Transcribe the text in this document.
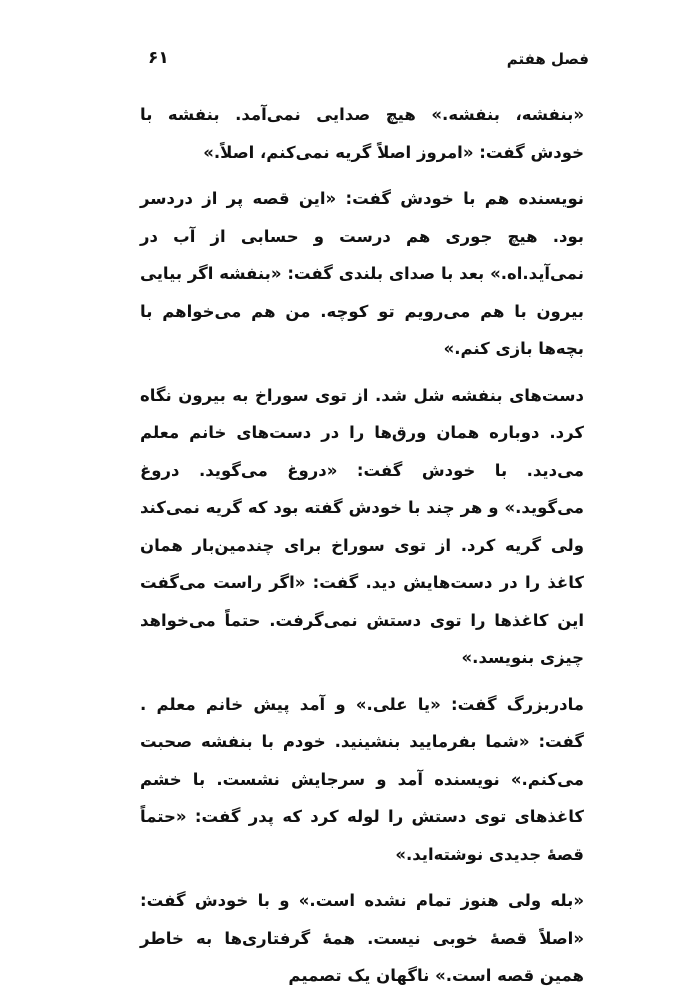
فصل هفتم
۶۱

«بنفشه، بنفشه.» هیچ صدایی نمی‌آمد. بنفشه با خودش گفت: «امروز اصلاً گریه نمی‌کنم، اصلاً.»

نویسنده هم با خودش گفت: «این قصه پر از دردسر بود. هیچ جوری هم درست و حسابی از آب در نمی‌آید.اه.» بعد با صدای بلندی گفت: «بنفشه اگر بیایی بیرون با هم می‌رویم تو کوچه. من هم می‌خواهم با بچه‌ها بازی کنم.»

دست‌های بنفشه شل شد. از توی سوراخ به بیرون نگاه کرد. دوباره همان ورق‌ها را در دست‌های خانم معلم می‌دید. با خودش گفت: «دروغ می‌گوید. دروغ می‌گوید.» و هر چند با خودش گفته بود که گریه نمی‌کند ولی گریه کرد. از توی سوراخ برای چندمین‌بار همان کاغذ را در دست‌هایش دید. گفت: «اگر راست می‌گفت این کاغذها را توی دستش نمی‌گرفت. حتماً می‌خواهد چیزی بنویسد.»

مادربزرگ گفت: «یا علی.» و آمد پیش خانم معلم . گفت: «شما بفرمایید بنشینید. خودم با بنفشه صحبت می‌کنم.» نویسنده آمد و سرجایش نشست. با خشم کاغذهای توی دستش را لوله کرد که پدر گفت: «حتماً قصهٔ جدیدی نوشته‌اید.»

«بله ولی هنوز تمام نشده است.» و با خودش گفت: «اصلاً قصهٔ خوبی نیست. همهٔ گرفتاری‌ها به خاطر همین قصه است.» ناگهان یک تصمیم
